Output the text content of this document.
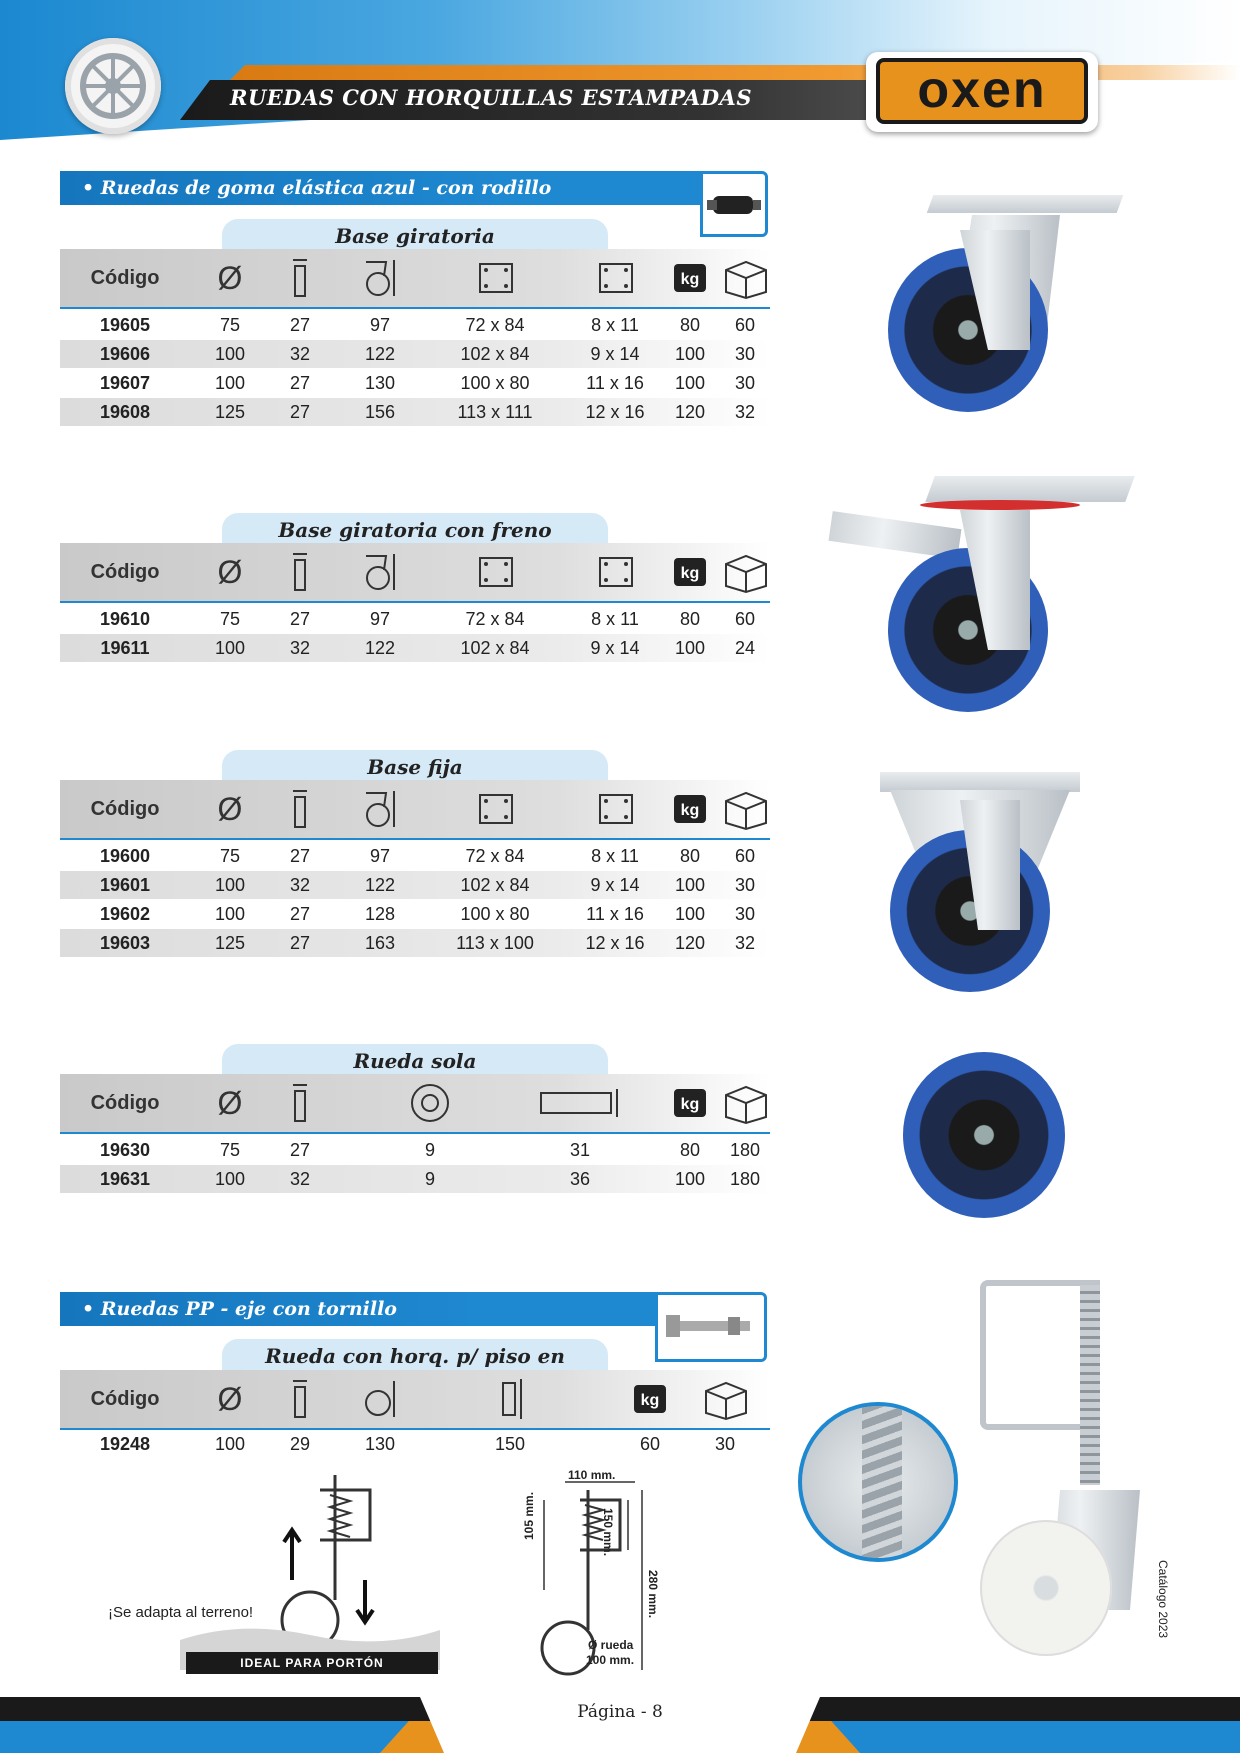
RUEDAS CON HORQUILLAS ESTAMPADAS	oxen
• Ruedas de goma elástica azul - con rodillo
Base giratoria
Código	Ø	kg
19605	75	27	97	72 x 84	8 x 11	80	60
19606	100	32	122	102 x 84	9 x 14	100	30
19607	100	27	130	100 x 80	11 x 16	100	30
19608	125	27	156	113 x 111	12 x 16	120	32
Base giratoria con freno
Código	Ø	kg
19610	75	27	97	72 x 84	8 x 11	80	60
19611	100	32	122	102 x 84	9 x 14	100	24
Base fija
Código	Ø	kg
19600	75	27	97	72 x 84	8 x 11	80	60
19601	100	32	122	102 x 84	9 x 14	100	30
19602	100	27	128	100 x 80	11 x 16	100	30
19603	125	27	163	113 x 100	12 x 16	120	32
Rueda sola
Código	Ø	kg
19630	75	27	9	31	80	180
19631	100	32	9	36	100	180
• Ruedas PP - eje con tornillo
Rueda con horq. p/ piso en
Código	Ø	kg
19248	100	29	130	150	60	30
¡Se adapta al terreno!
IDEAL PARA PORTÓN
110 mm.
105 mm.	150 mm.
280 mm.
Ø rueda
100 mm.
Catálogo 2023
Página - 8
